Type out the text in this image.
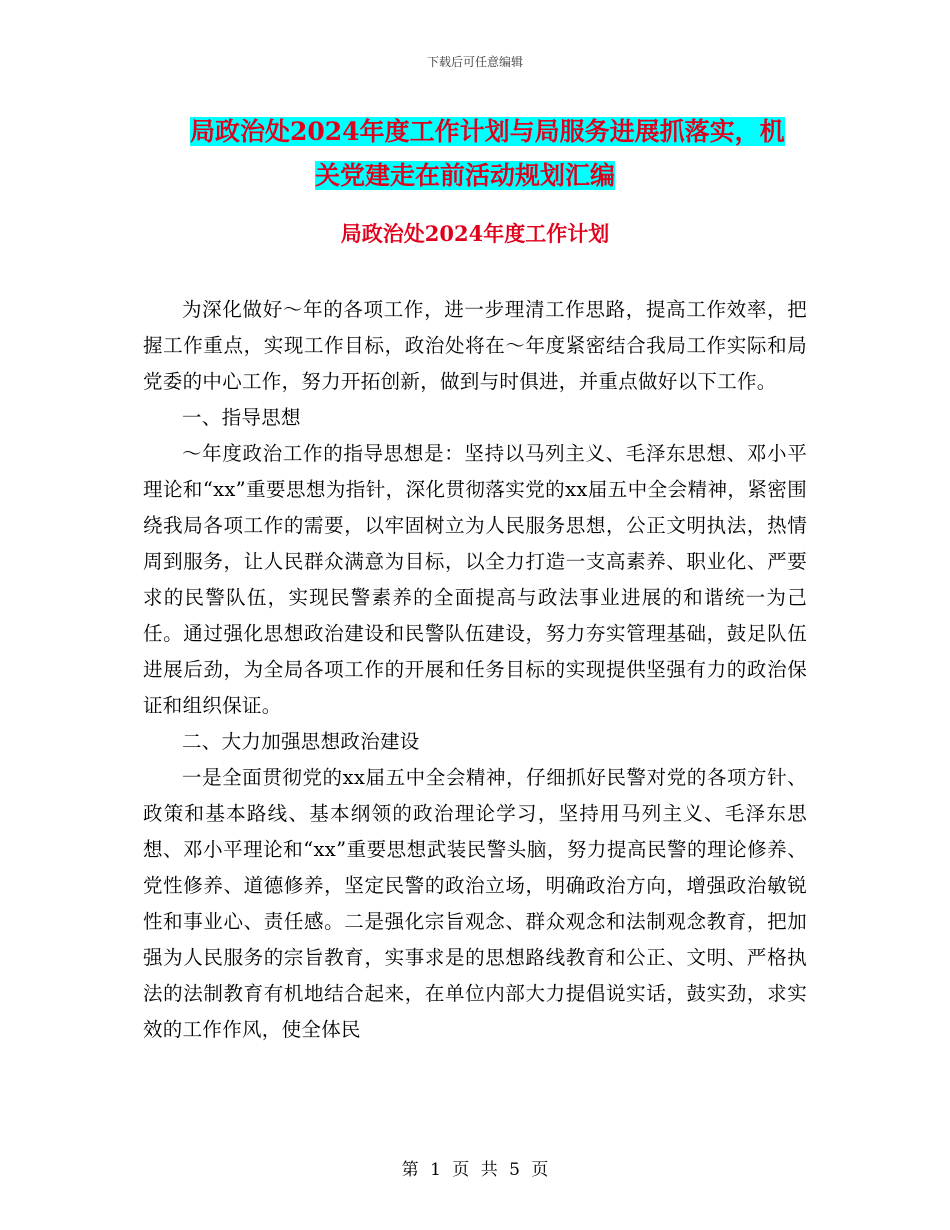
下载后可任意编辑
局政治处2024年度工作计划与局服务进展抓落实，机
关党建走在前活动规划汇编
局政治处2024年度工作计划

为深化做好～年的各项工作，进一步理清工作思路，提高工作效率，把握工作重点，实现工作目标，政治处将在～年度紧密结合我局工作实际和局党委的中心工作，努力开拓创新，做到与时俱进，并重点做好以下工作。

一、指导思想

～年度政治工作的指导思想是：坚持以马列主义、毛泽东思想、邓小平理论和“xx”重要思想为指针，深化贯彻落实党的xx届五中全会精神，紧密围绕我局各项工作的需要，以牢固树立为人民服务思想，公正文明执法，热情周到服务，让人民群众满意为目标，以全力打造一支高素养、职业化、严要求的民警队伍，实现民警素养的全面提高与政法事业进展的和谐统一为己任。通过强化思想政治建设和民警队伍建设，努力夯实管理基础，鼓足队伍进展后劲，为全局各项工作的开展和任务目标的实现提供坚强有力的政治保证和组织保证。

二、大力加强思想政治建设

一是全面贯彻党的xx届五中全会精神，仔细抓好民警对党的各项方针、政策和基本路线、基本纲领的政治理论学习，坚持用马列主义、毛泽东思想、邓小平理论和“xx”重要思想武装民警头脑，努力提高民警的理论修养、党性修养、道德修养，坚定民警的政治立场，明确政治方向，增强政治敏锐性和事业心、责任感。二是强化宗旨观念、群众观念和法制观念教育，把加强为人民服务的宗旨教育，实事求是的思想路线教育和公正、文明、严格执法的法制教育有机地结合起来，在单位内部大力提倡说实话，鼓实劲，求实效的工作作风，使全体民

第 1 页 共 5 页
